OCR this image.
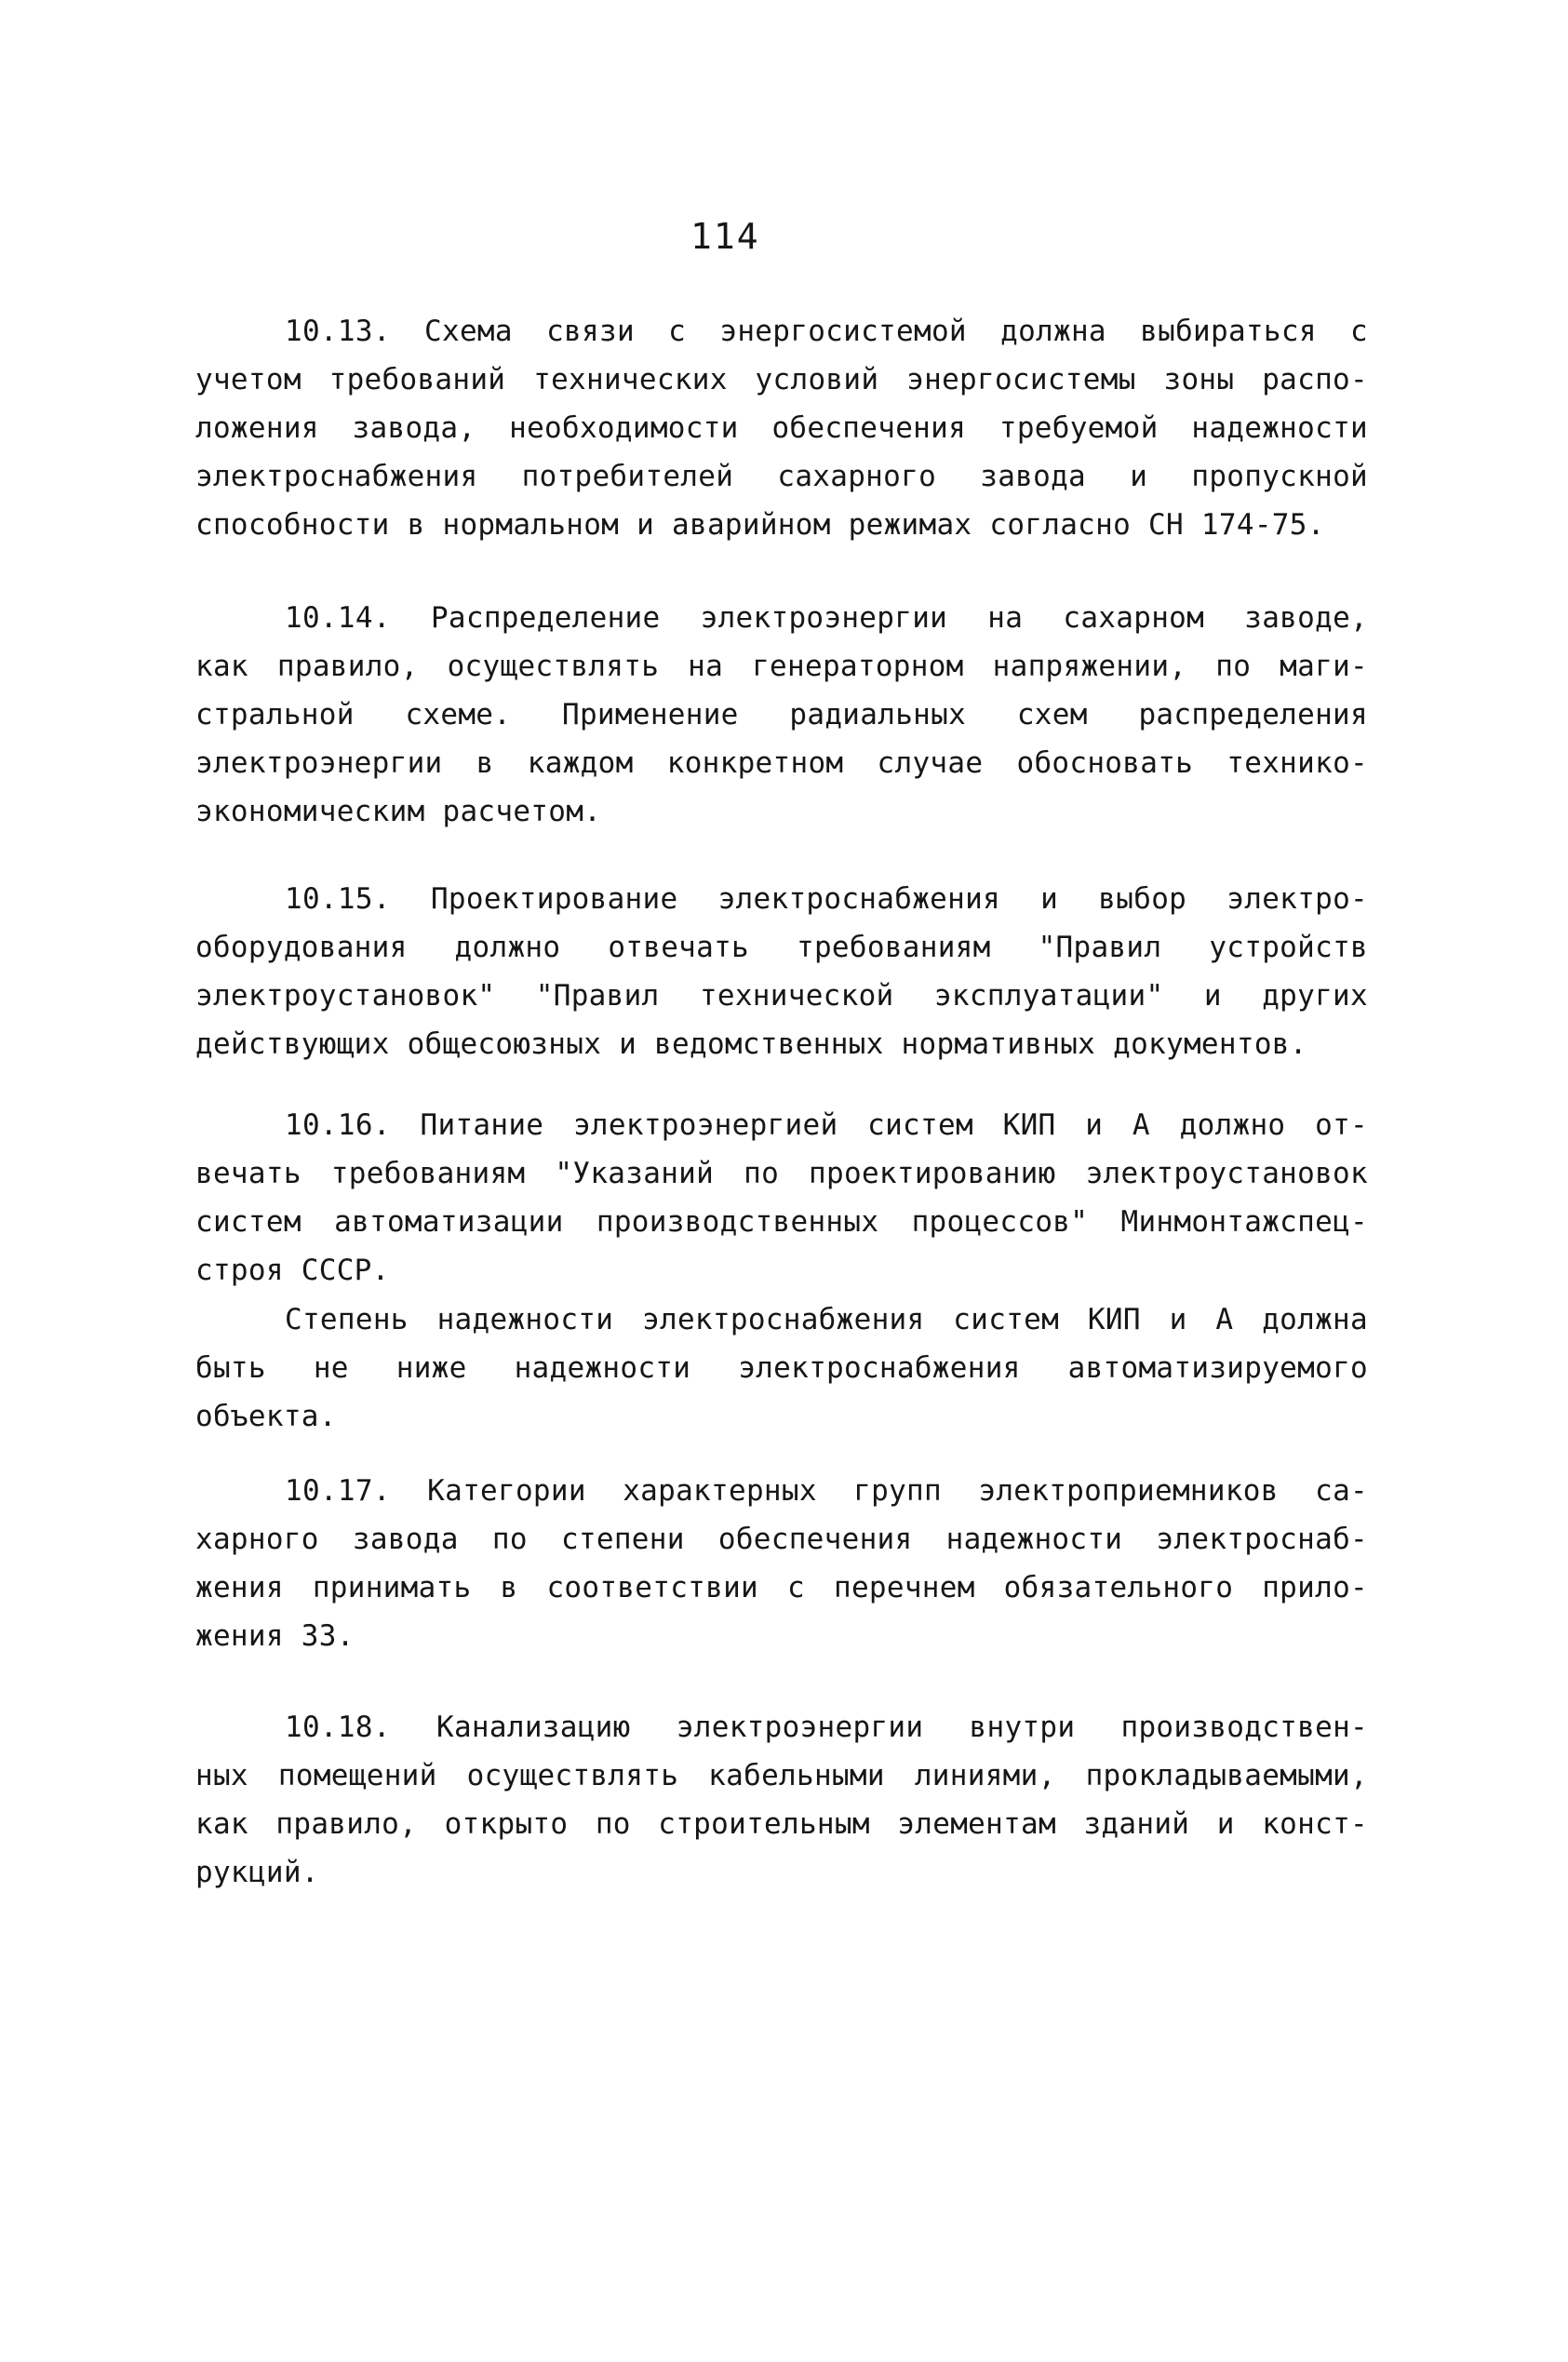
114
10.13. Схема связи с энергосистемой должна выбираться с
учетом требований технических условий энергосистемы зоны распо-
ложения завода, необходимости обеспечения требуемой надежности
электроснабжения потребителей сахарного завода и пропускной
способности в нормальном и аварийном режимах согласно СН 174-75.
10.14. Распределение электроэнергии на сахарном заводе,
как правило, осуществлять на генераторном напряжении, по маги-
стральной схеме. Применение радиальных схем распределения
электроэнергии в каждом конкретном случае обосновать технико-
экономическим расчетом.
10.15. Проектирование электроснабжения и выбор электро-
оборудования должно отвечать требованиям "Правил устройств
электроустановок" "Правил технической эксплуатации" и других
действующих общесоюзных и ведомственных нормативных документов.
10.16. Питание электроэнергией систем КИП и А должно от-
вечать требованиям "Указаний по проектированию электроустановок
систем автоматизации производственных процессов" Минмонтажспец-
строя СССР.
Степень надежности электроснабжения систем КИП и А должна
быть не ниже надежности электроснабжения автоматизируемого
объекта.
10.17. Категории характерных групп электроприемников са-
харного завода по степени обеспечения надежности электроснаб-
жения принимать в соответствии с перечнем обязательного прило-
жения 33.
10.18. Канализацию электроэнергии внутри производствен-
ных помещений осуществлять кабельными линиями, прокладываемыми,
как правило, открыто по строительным элементам зданий и конст-
рукций.
